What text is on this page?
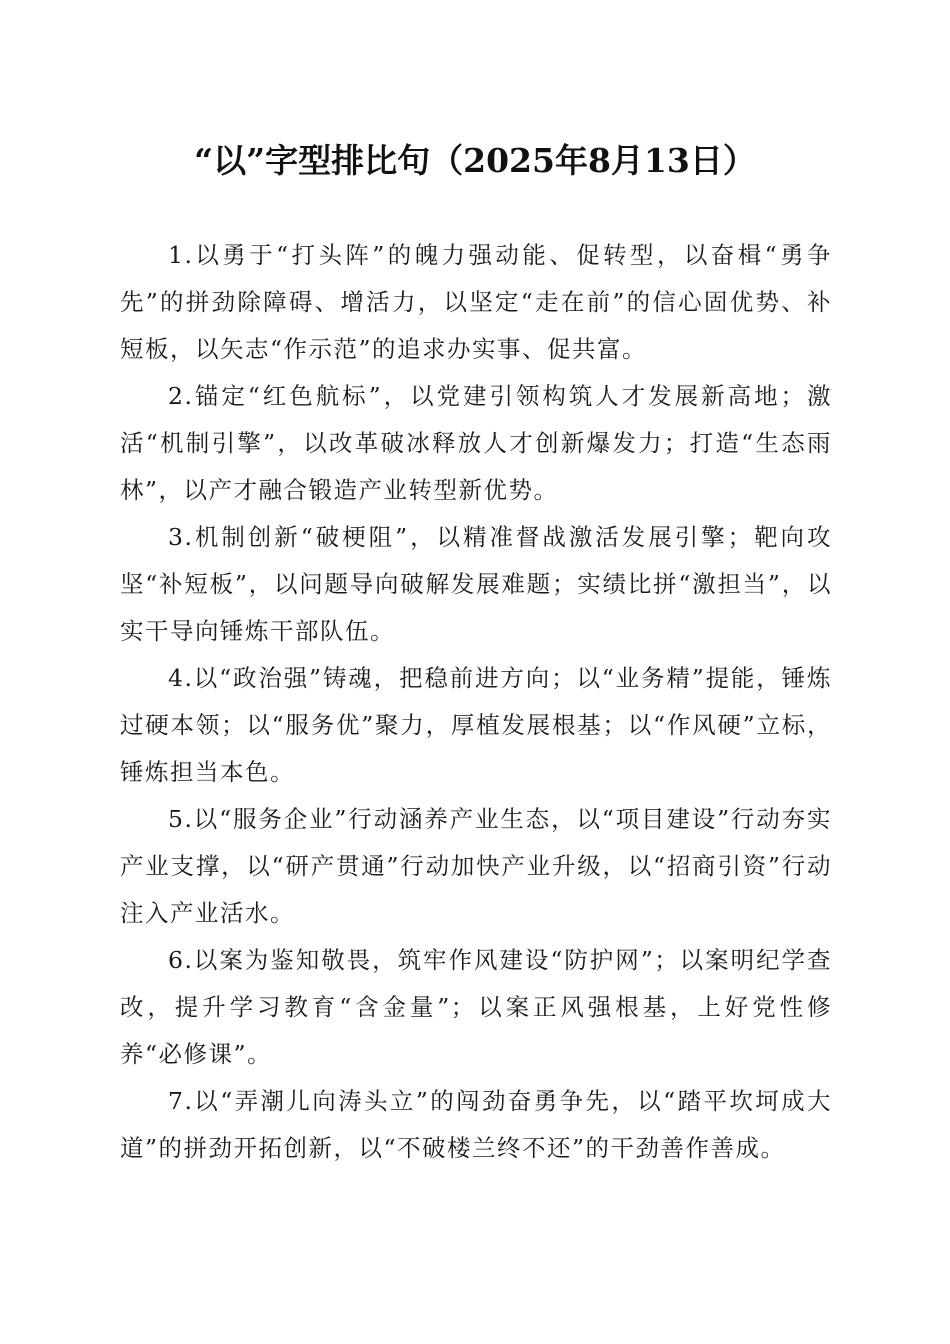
“以”字型排比句（2025年8月13日）

1.以勇于“打头阵”的魄力强动能、促转型，以奋楫“勇争先”的拼劲除障碍、增活力，以坚定“走在前”的信心固优势、补短板，以矢志“作示范”的追求办实事、促共富。

2.锚定“红色航标”，以党建引领构筑人才发展新高地；激活“机制引擎”，以改革破冰释放人才创新爆发力；打造“生态雨林”，以产才融合锻造产业转型新优势。

3.机制创新“破梗阻”，以精准督战激活发展引擎；靶向攻坚“补短板”，以问题导向破解发展难题；实绩比拼“激担当”，以实干导向锤炼干部队伍。

4.以“政治强”铸魂，把稳前进方向；以“业务精”提能，锤炼过硬本领；以“服务优”聚力，厚植发展根基；以“作风硬”立标，锤炼担当本色。

5.以“服务企业”行动涵养产业生态，以“项目建设”行动夯实产业支撑，以“研产贯通”行动加快产业升级，以“招商引资”行动注入产业活水。

6.以案为鉴知敬畏，筑牢作风建设“防护网”；以案明纪学查改，提升学习教育“含金量”；以案正风强根基，上好党性修养“必修课”。

7.以“弄潮儿向涛头立”的闯劲奋勇争先，以“踏平坎坷成大道”的拼劲开拓创新，以“不破楼兰终不还”的干劲善作善成。
